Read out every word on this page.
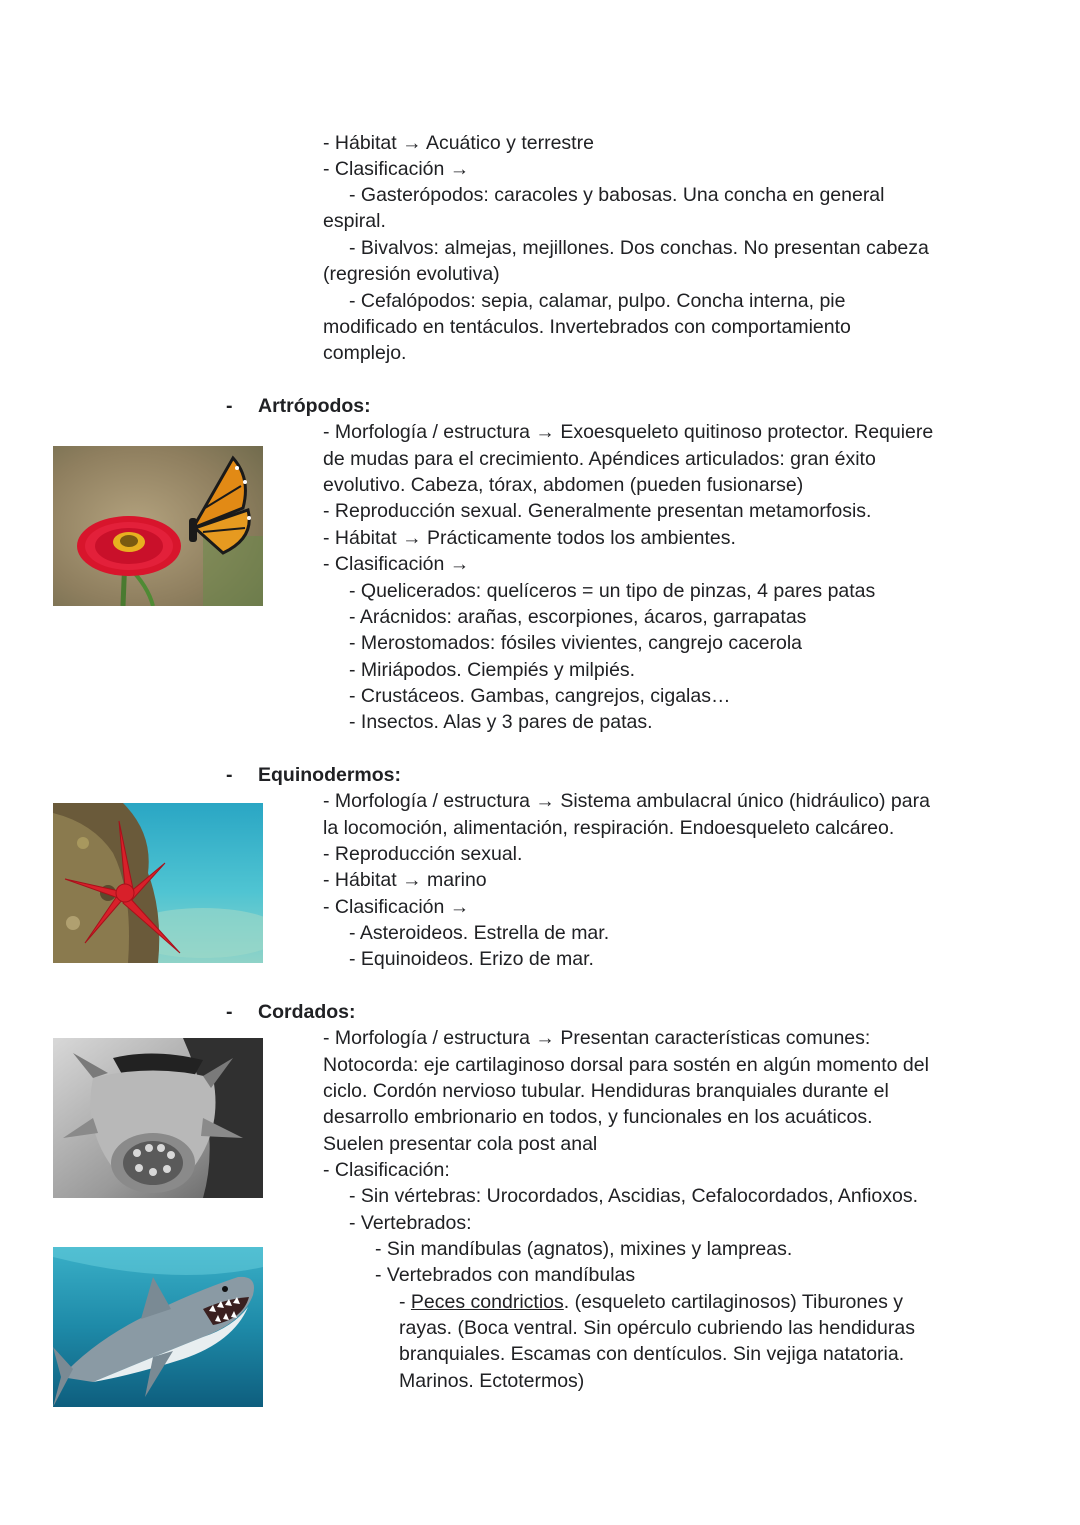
- Hábitat → Acuático y terrestre
- Clasificación →
- Gasterópodos: caracoles y babosas. Una concha en general
espiral.
- Bivalvos: almejas, mejillones. Dos conchas. No presentan cabeza
(regresión evolutiva)
- Cefalópodos: sepia, calamar, pulpo. Concha interna, pie
modificado en tentáculos. Invertebrados con comportamiento
complejo.
- Artrópodos:
- Morfología / estructura → Exoesqueleto quitinoso protector. Requiere
de mudas para el crecimiento. Apéndices articulados: gran éxito
evolutivo. Cabeza, tórax, abdomen (pueden fusionarse)
- Reproducción sexual. Generalmente presentan metamorfosis.
- Hábitat → Prácticamente todos los ambientes.
- Clasificación →
- Quelicerados: quelíceros = un tipo de pinzas, 4 pares patas
- Arácnidos: arañas, escorpiones, ácaros, garrapatas
- Merostomados: fósiles vivientes, cangrejo cacerola
- Miriápodos. Ciempiés y milpiés.
- Crustáceos. Gambas, cangrejos, cigalas…
- Insectos. Alas y 3 pares de patas.
- Equinodermos:
- Morfología / estructura → Sistema ambulacral único (hidráulico) para
la locomoción, alimentación, respiración. Endoesqueleto calcáreo.
- Reproducción sexual.
- Hábitat → marino
- Clasificación →
- Asteroideos. Estrella de mar.
- Equinoideos. Erizo de mar.
- Cordados:
- Morfología / estructura → Presentan características comunes:
Notocorda: eje cartilaginoso dorsal para sostén en algún momento del
ciclo. Cordón nervioso tubular. Hendiduras branquiales durante el
desarrollo embrionario en todos, y funcionales en los acuáticos.
Suelen presentar cola post anal
- Clasificación:
- Sin vértebras: Urocordados, Ascidias, Cefalocordados, Anfioxos.
- Vertebrados:
- Sin mandíbulas (agnatos), mixines y lampreas.
- Vertebrados con mandíbulas
- Peces condrictios. (esqueleto cartilaginosos) Tiburones y
rayas. (Boca ventral. Sin opérculo cubriendo las hendiduras
branquiales. Escamas con dentículos. Sin vejiga natatoria.
Marinos. Ectotermos)
